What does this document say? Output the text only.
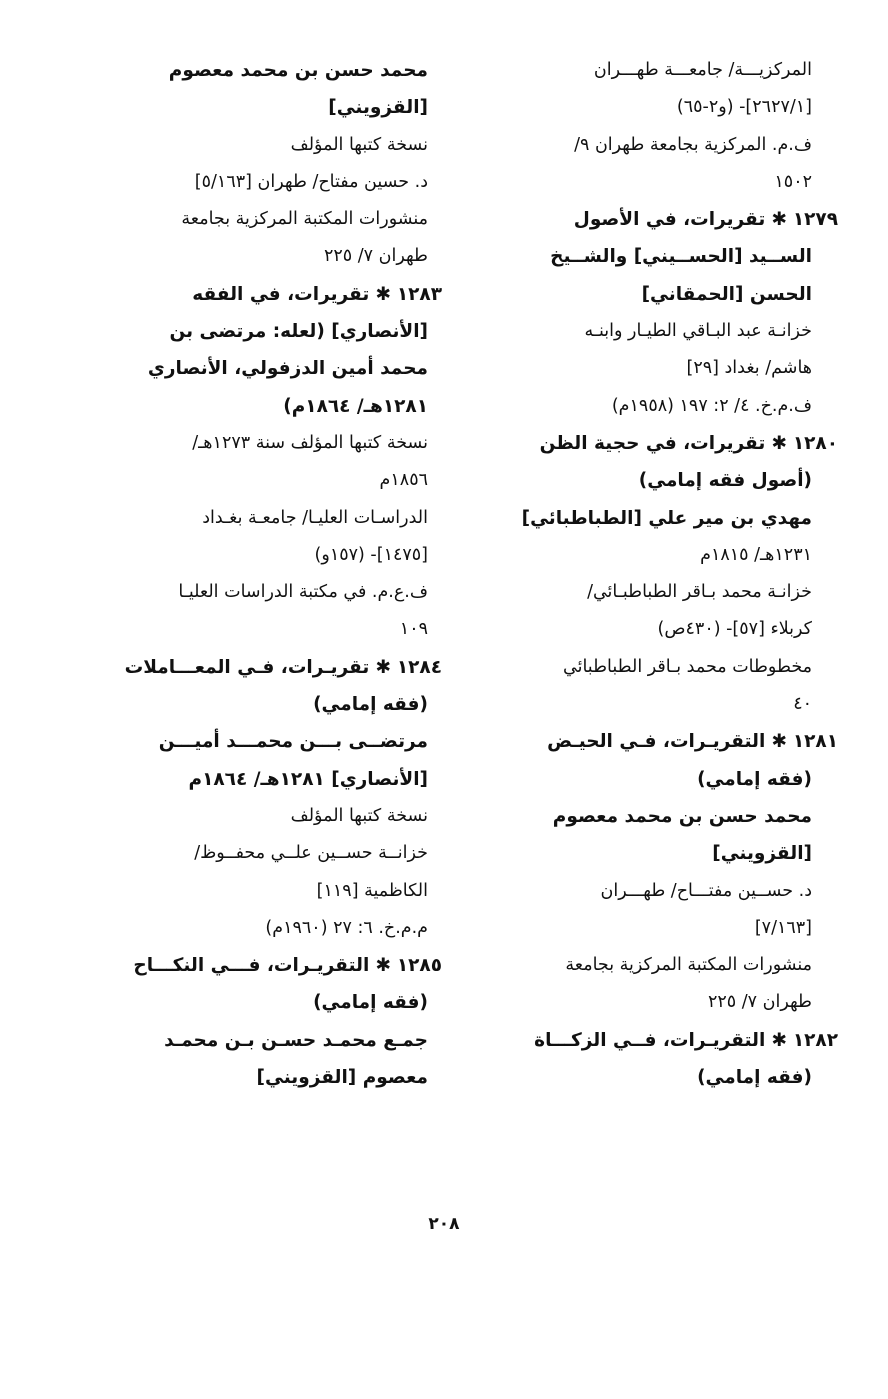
المركزيـــة/ جامعـــة طهـــران
[٢٦٢٧/١]- (و٢-٦٥)
ف.م. المركزية بجامعة طهران ٩/
١٥٠٢
١٢٧٩✱تقريرات، في الأصول
الســيد [الحســيني] والشــيخ
الحسن [الحمقاني]
خزانـة عبد البـاقي الطيـار وابنـه
هاشم/ بغداد [٢٩]
ف.م.خ. ٤/ ٢: ١٩٧ (١٩٥٨م)
١٢٨٠✱تقريرات، في حجية الظن
(أصول فقه إمامي)
مهدي بن مير علي [الطباطبائي]
١٢٣١هـ/ ١٨١٥م
خزانـة محمد بـاقر الطباطبـائي/
كربلاء [٥٧]- (٤٣٠ص)
مخطوطات محمد بـاقر الطباطبائي
٤٠
١٢٨١✱التقريـرات، فـي الحيـض
(فقه إمامي)
محمد حسن بن محمد معصوم
[القزويني]
د. حســين مفتـــاح/ طهـــران
[٧/١٦٣]
منشورات المكتبة المركزية بجامعة
طهران ٧/ ٢٢٥
١٢٨٢✱التقريـرات، فــي الزكـــاة
(فقه إمامي)
محمد حسن بن محمد معصوم
[القزويني]
نسخة كتبها المؤلف
د. حسين مفتاح/ طهران [٥/١٦٣]
منشورات المكتبة المركزية بجامعة
طهران ٧/ ٢٢٥
١٢٨٣✱تقريرات، في الفقه
[الأنصاري] (لعله: مرتضى بن
محمد أمين الدزفولي، الأنصاري
١٢٨١هـ/ ١٨٦٤م)
نسخة كتبها المؤلف سنة ١٢٧٣هـ/
١٨٥٦م
الدراسـات العليـا/ جامعـة بغـداد
[١٤٧٥]- (١٥٧و)
ف.ع.م. في مكتبة الدراسات العليـا
١٠٩
١٢٨٤✱تقريـرات، فـي المعـــاملات
(فقه إمامي)
مرتضــى بـــن محمـــد أميـــن
[الأنصاري] ١٢٨١هـ/ ١٨٦٤م
نسخة كتبها المؤلف
خزانــة حســين علــي محفــوظ/
الكاظمية [١١٩]
م.م.خ. ٦: ٢٧ (١٩٦٠م)
١٢٨٥✱التقريـرات، فـــي النكـــاح
(فقه إمامي)
جمـع محمـد حسـن بـن محمـد
معصوم [القزويني]
٢٠٨
